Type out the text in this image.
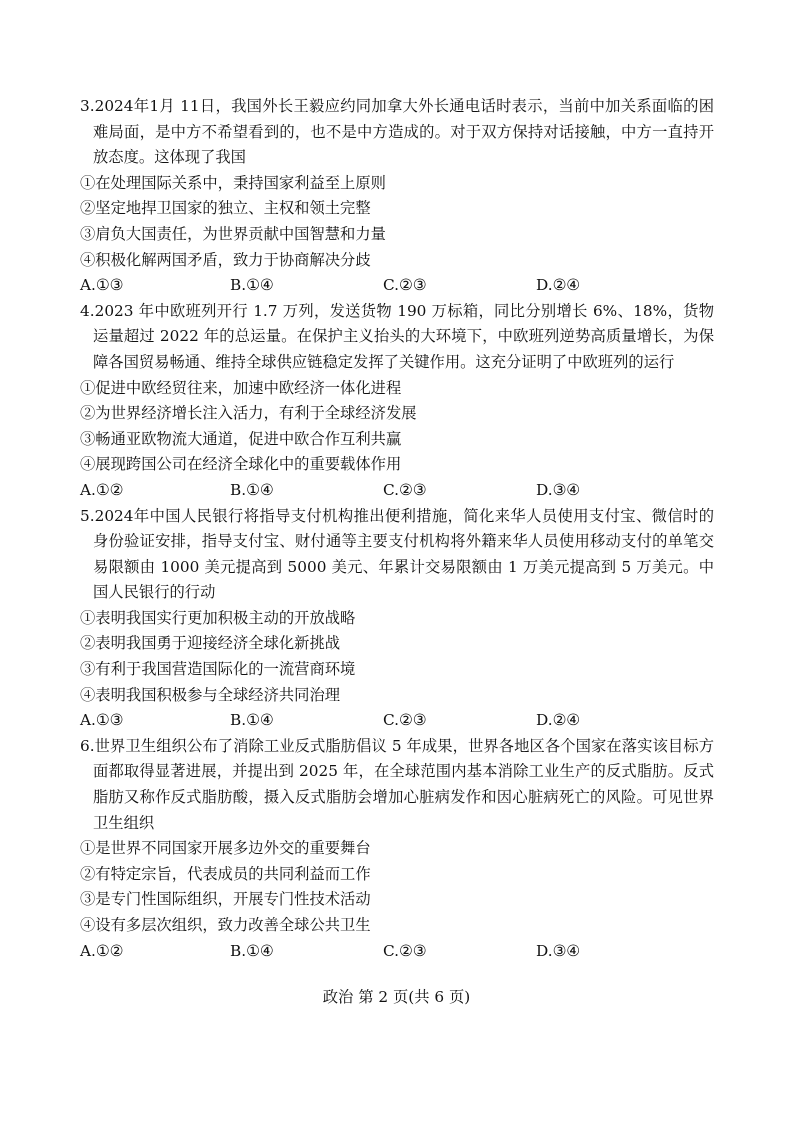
3.2024年1月 11日，我国外长王毅应约同加拿大外长通电话时表示，当前中加关系面临的困难局面，是中方不希望看到的，也不是中方造成的。对于双方保持对话接触，中方一直持开放态度。这体现了我国
①在处理国际关系中，秉持国家利益至上原则
②坚定地捍卫国家的独立、主权和领土完整
③肩负大国责任，为世界贡献中国智慧和力量
④积极化解两国矛盾，致力于协商解决分歧
A.①③	B.①④	C.②③	D.②④
4.2023 年中欧班列开行 1.7 万列，发送货物 190 万标箱，同比分别增长 6%、18%，货物运量超过 2022 年的总运量。在保护主义抬头的大环境下，中欧班列逆势高质量增长，为保障各国贸易畅通、维持全球供应链稳定发挥了关键作用。这充分证明了中欧班列的运行
①促进中欧经贸往来，加速中欧经济一体化进程
②为世界经济增长注入活力，有利于全球经济发展
③畅通亚欧物流大通道，促进中欧合作互利共赢
④展现跨国公司在经济全球化中的重要载体作用
A.①②	B.①④	C.②③	D.③④
5.2024年中国人民银行将指导支付机构推出便利措施，简化来华人员使用支付宝、微信时的身份验证安排，指导支付宝、财付通等主要支付机构将外籍来华人员使用移动支付的单笔交易限额由 1000 美元提高到 5000 美元、年累计交易限额由 1 万美元提高到 5 万美元。中国人民银行的行动
①表明我国实行更加积极主动的开放战略
②表明我国勇于迎接经济全球化新挑战
③有利于我国营造国际化的一流营商环境
④表明我国积极参与全球经济共同治理
A.①③	B.①④	C.②③	D.②④
6.世界卫生组织公布了消除工业反式脂肪倡议 5 年成果，世界各地区各个国家在落实该目标方面都取得显著进展，并提出到 2025 年，在全球范围内基本消除工业生产的反式脂肪。反式脂肪又称作反式脂肪酸，摄入反式脂肪会增加心脏病发作和因心脏病死亡的风险。可见世界卫生组织
①是世界不同国家开展多边外交的重要舞台
②有特定宗旨，代表成员的共同利益而工作
③是专门性国际组织，开展专门性技术活动
④设有多层次组织，致力改善全球公共卫生
A.①②	B.①④	C.②③	D.③④
政治 第 2 页(共 6 页)
